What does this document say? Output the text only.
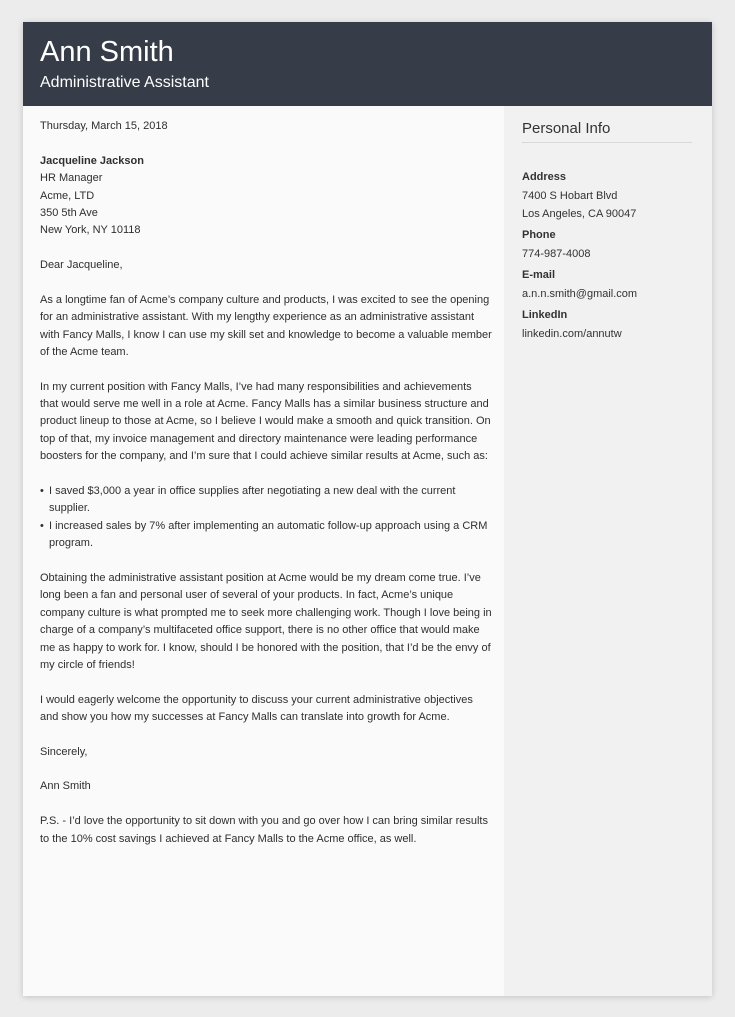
Ann Smith
Administrative Assistant

Thursday, March 15, 2018

Jacqueline Jackson

HR Manager

Acme, LTD

350 5th Ave

New York, NY 10118

Dear Jacqueline,

As a longtime fan of Acme’s company culture and products, I was excited to see the opening for an administrative assistant. With my lengthy experience as an administrative assistant with Fancy Malls, I know I can use my skill set and knowledge to become a valuable member of the Acme team.

In my current position with Fancy Malls, I’ve had many responsibilities and achievements that would serve me well in a role at Acme. Fancy Malls has a similar business structure and product lineup to those at Acme, so I believe I would make a smooth and quick transition. On top of that, my invoice management and directory maintenance were leading performance boosters for the company, and I’m sure that I could achieve similar results at Acme, such as:

• I saved $3,000 a year in office supplies after negotiating a new deal with the current supplier.
• I increased sales by 7% after implementing an automatic follow-up approach using a CRM program.

Obtaining the administrative assistant position at Acme would be my dream come true. I’ve long been a fan and personal user of several of your products. In fact, Acme’s unique company culture is what prompted me to seek more challenging work. Though I love being in charge of a company’s multifaceted office support, there is no other office that would make me as happy to work for. I know, should I be honored with the position, that I’d be the envy of my circle of friends!

I would eagerly welcome the opportunity to discuss your current administrative objectives and show you how my successes at Fancy Malls can translate into growth for Acme.

Sincerely,

Ann Smith

P.S. - I’d love the opportunity to sit down with you and go over how I can bring similar results to the 10% cost savings I achieved at Fancy Malls to the Acme office, as well.

Personal Info
Address
7400 S Hobart Blvd
Los Angeles, CA 90047
Phone
774-987-4008
E-mail
a.n.n.smith@gmail.com
LinkedIn
linkedin.com/annutw
